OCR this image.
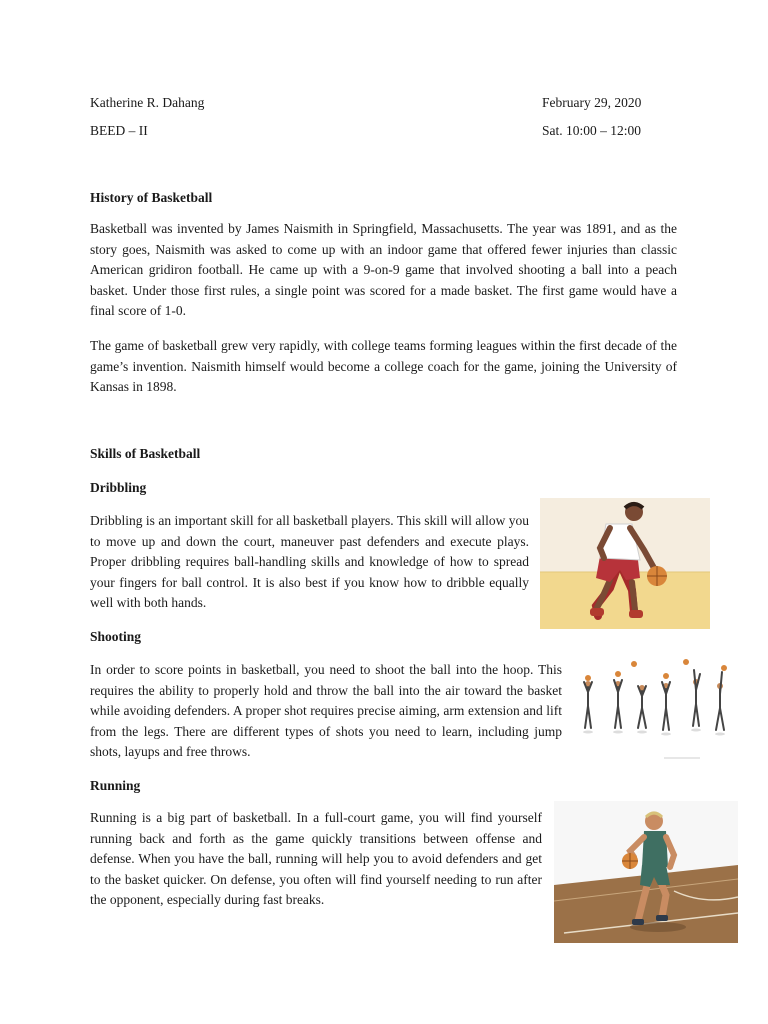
Katherine R. Dahang
BEED – II
February 29, 2020
Sat. 10:00 – 12:00
History of Basketball
Basketball was invented by James Naismith in Springfield, Massachusetts. The year was 1891, and as the story goes, Naismith was asked to come up with an indoor game that offered fewer injuries than classic American gridiron football. He came up with a 9-on-9 game that involved shooting a ball into a peach basket. Under those first rules, a single point was scored for a made basket. The first game would have a final score of 1-0.
The game of basketball grew very rapidly, with college teams forming leagues within the first decade of the game’s invention. Naismith himself would become a college coach for the game, joining the University of Kansas in 1898.
Skills of Basketball
Dribbling
Dribbling is an important skill for all basketball players. This skill will allow you to move up and down the court, maneuver past defenders and execute plays. Proper dribbling requires ball-handling skills and knowledge of how to spread your fingers for ball control. It is also best if you know how to dribble equally well with both hands.
Shooting
In order to score points in basketball, you need to shoot the ball into the hoop. This requires the ability to properly hold and throw the ball into the air toward the basket while avoiding defenders. A proper shot requires precise aiming, arm extension and lift from the legs. There are different types of shots you need to learn, including jump shots, layups and free throws.
Running
Running is a big part of basketball. In a full-court game, you will find yourself running back and forth as the game quickly transitions between offense and defense. When you have the ball, running will help you to avoid defenders and get to the basket quicker. On defense, you often will find yourself needing to run after the opponent, especially during fast breaks.
